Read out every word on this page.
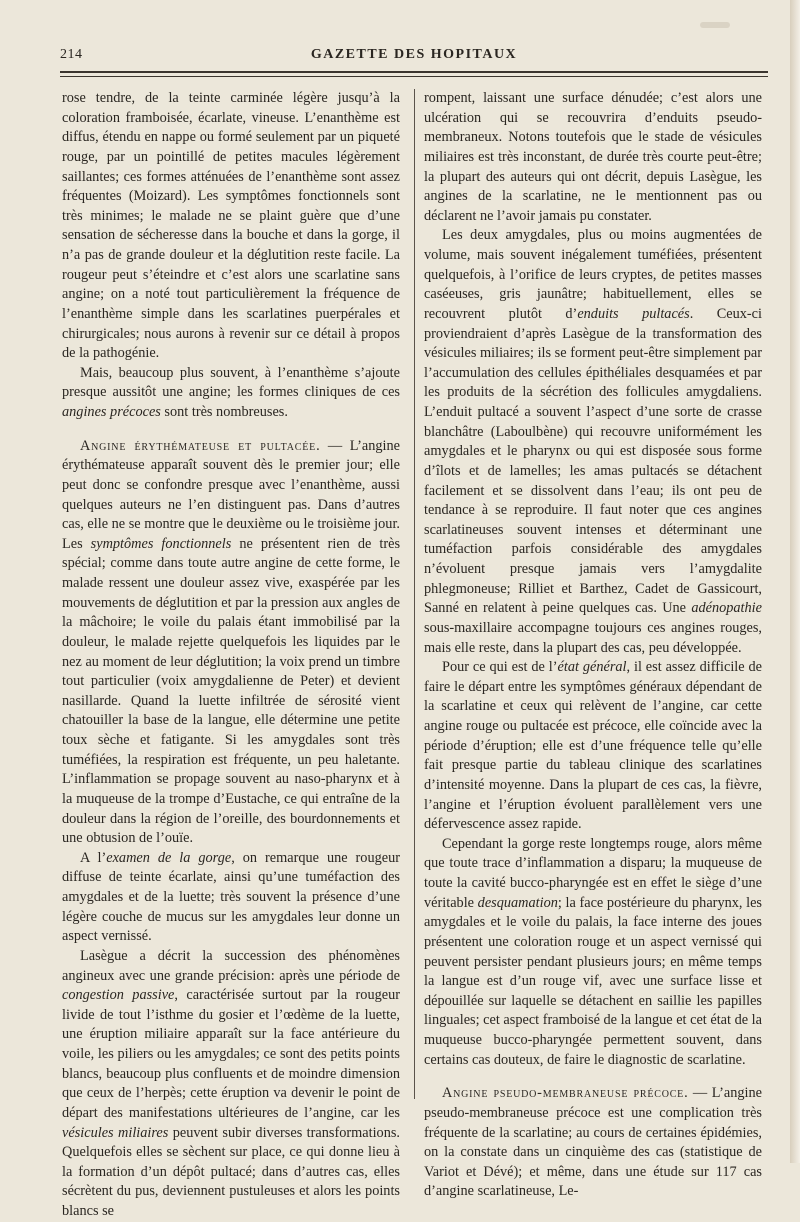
214	GAZETTE DES HOPITAUX

rose tendre, de la teinte carminée légère jusqu’à la coloration framboisée, écarlate, vineuse. L’enanthème est diffus, étendu en nappe ou formé seulement par un piqueté rouge, par un pointillé de petites macules légèrement saillantes; ces formes atténuées de l’enanthème sont assez fréquentes (Moizard). Les symptômes fonctionnels sont très minimes; le malade ne se plaint guère que d’une sensation de sécheresse dans la bouche et dans la gorge, il n’a pas de grande douleur et la déglutition reste facile. La rougeur peut s’éteindre et c’est alors une scarlatine sans angine; on a noté tout particulièrement la fréquence de l’enanthème simple dans les scarlatines puerpérales et chirurgicales; nous aurons à revenir sur ce détail à propos de la pathogénie.

Mais, beaucoup plus souvent, à l’enanthème s’ajoute presque aussitôt une angine; les formes cliniques de ces angines précoces sont très nombreuses.

Angine érythémateuse et pultacée. — L’angine érythémateuse apparaît souvent dès le premier jour; elle peut donc se confondre presque avec l’enanthème, aussi quelques auteurs ne l’en distinguent pas. Dans d’autres cas, elle ne se montre que le deuxième ou le troisième jour. Les symptômes fonctionnels ne présentent rien de très spécial; comme dans toute autre angine de cette forme, le malade ressent une douleur assez vive, exaspérée par les mouvements de déglutition et par la pression aux angles de la mâchoire; le voile du palais étant immobilisé par la douleur, le malade rejette quelquefois les liquides par le nez au moment de leur déglutition; la voix prend un timbre tout particulier (voix amygdalienne de Peter) et devient nasillarde. Quand la luette infiltrée de sérosité vient chatouiller la base de la langue, elle détermine une petite toux sèche et fatigante. Si les amygdales sont très tuméfiées, la respiration est fréquente, un peu haletante. L’inflammation se propage souvent au naso-pharynx et à la muqueuse de la trompe d’Eustache, ce qui entraîne de la douleur dans la région de l’oreille, des bourdonnements et une obtusion de l’ouïe.

A l’examen de la gorge, on remarque une rougeur diffuse de teinte écarlate, ainsi qu’une tuméfaction des amygdales et de la luette; très souvent la présence d’une légère couche de mucus sur les amygdales leur donne un aspect vernissé.

Lasègue a décrit la succession des phénomènes angineux avec une grande précision: après une période de congestion passive, caractérisée surtout par la rougeur livide de tout l’isthme du gosier et l’œdème de la luette, une éruption miliaire apparaît sur la face antérieure du voile, les piliers ou les amygdales; ce sont des petits points blancs, beaucoup plus confluents et de moindre dimension que ceux de l’herpès; cette éruption va devenir le point de départ des manifestations ultérieures de l’angine, car les vésicules miliaires peuvent subir diverses transformations. Quelquefois elles se sèchent sur place, ce qui donne lieu à la formation d’un dépôt pultacé; dans d’autres cas, elles sécrètent du pus, deviennent pustuleuses et alors les points blancs se

rompent, laissant une surface dénudée; c’est alors une ulcération qui se recouvrira d’enduits pseudo-membraneux. Notons toutefois que le stade de vésicules miliaires est très inconstant, de durée très courte peut-être; la plupart des auteurs qui ont décrit, depuis Lasègue, les angines de la scarlatine, ne le mentionnent pas ou déclarent ne l’avoir jamais pu constater.

Les deux amygdales, plus ou moins augmentées de volume, mais souvent inégalement tuméfiées, présentent quelquefois, à l’orifice de leurs cryptes, de petites masses caséeuses, gris jaunâtre; habituellement, elles se recouvrent plutôt d’enduits pultacés. Ceux-ci proviendraient d’après Lasègue de la transformation des vésicules miliaires; ils se forment peut-être simplement par l’accumulation des cellules épithéliales desquamées et par les produits de la sécrétion des follicules amygdaliens. L’enduit pultacé a souvent l’aspect d’une sorte de crasse blanchâtre (Laboulbène) qui recouvre uniformément les amygdales et le pharynx ou qui est disposée sous forme d’îlots et de lamelles; les amas pultacés se détachent facilement et se dissolvent dans l’eau; ils ont peu de tendance à se reproduire. Il faut noter que ces angines scarlatineuses souvent intenses et déterminant une tuméfaction parfois considérable des amygdales n’évoluent presque jamais vers l’amygdalite phlegmoneuse; Rilliet et Barthez, Cadet de Gassicourt, Sanné en relatent à peine quelques cas. Une adénopathie sous-maxillaire accompagne toujours ces angines rouges, mais elle reste, dans la plupart des cas, peu développée.

Pour ce qui est de l’état général, il est assez difficile de faire le départ entre les symptômes généraux dépendant de la scarlatine et ceux qui relèvent de l’angine, car cette angine rouge ou pultacée est précoce, elle coïncide avec la période d’éruption; elle est d’une fréquence telle qu’elle fait presque partie du tableau clinique des scarlatines d’intensité moyenne. Dans la plupart de ces cas, la fièvre, l’angine et l’éruption évoluent parallèlement vers une défervescence assez rapide.

Cependant la gorge reste longtemps rouge, alors même que toute trace d’inflammation a disparu; la muqueuse de toute la cavité bucco-pharyngée est en effet le siège d’une véritable desquamation; la face postérieure du pharynx, les amygdales et le voile du palais, la face interne des joues présentent une coloration rouge et un aspect vernissé qui peuvent persister pendant plusieurs jours; en même temps la langue est d’un rouge vif, avec une surface lisse et dépouillée sur laquelle se détachent en saillie les papilles linguales; cet aspect framboisé de la langue et cet état de la muqueuse bucco-pharyngée permettent souvent, dans certains cas douteux, de faire le diagnostic de scarlatine.

Angine pseudo-membraneuse précoce. — L’angine pseudo-membraneuse précoce est une complication très fréquente de la scarlatine; au cours de certaines épidémies, on la constate dans un cinquième des cas (statistique de Variot et Dévé); et même, dans une étude sur 117 cas d’angine scarlatineuse, Le-
